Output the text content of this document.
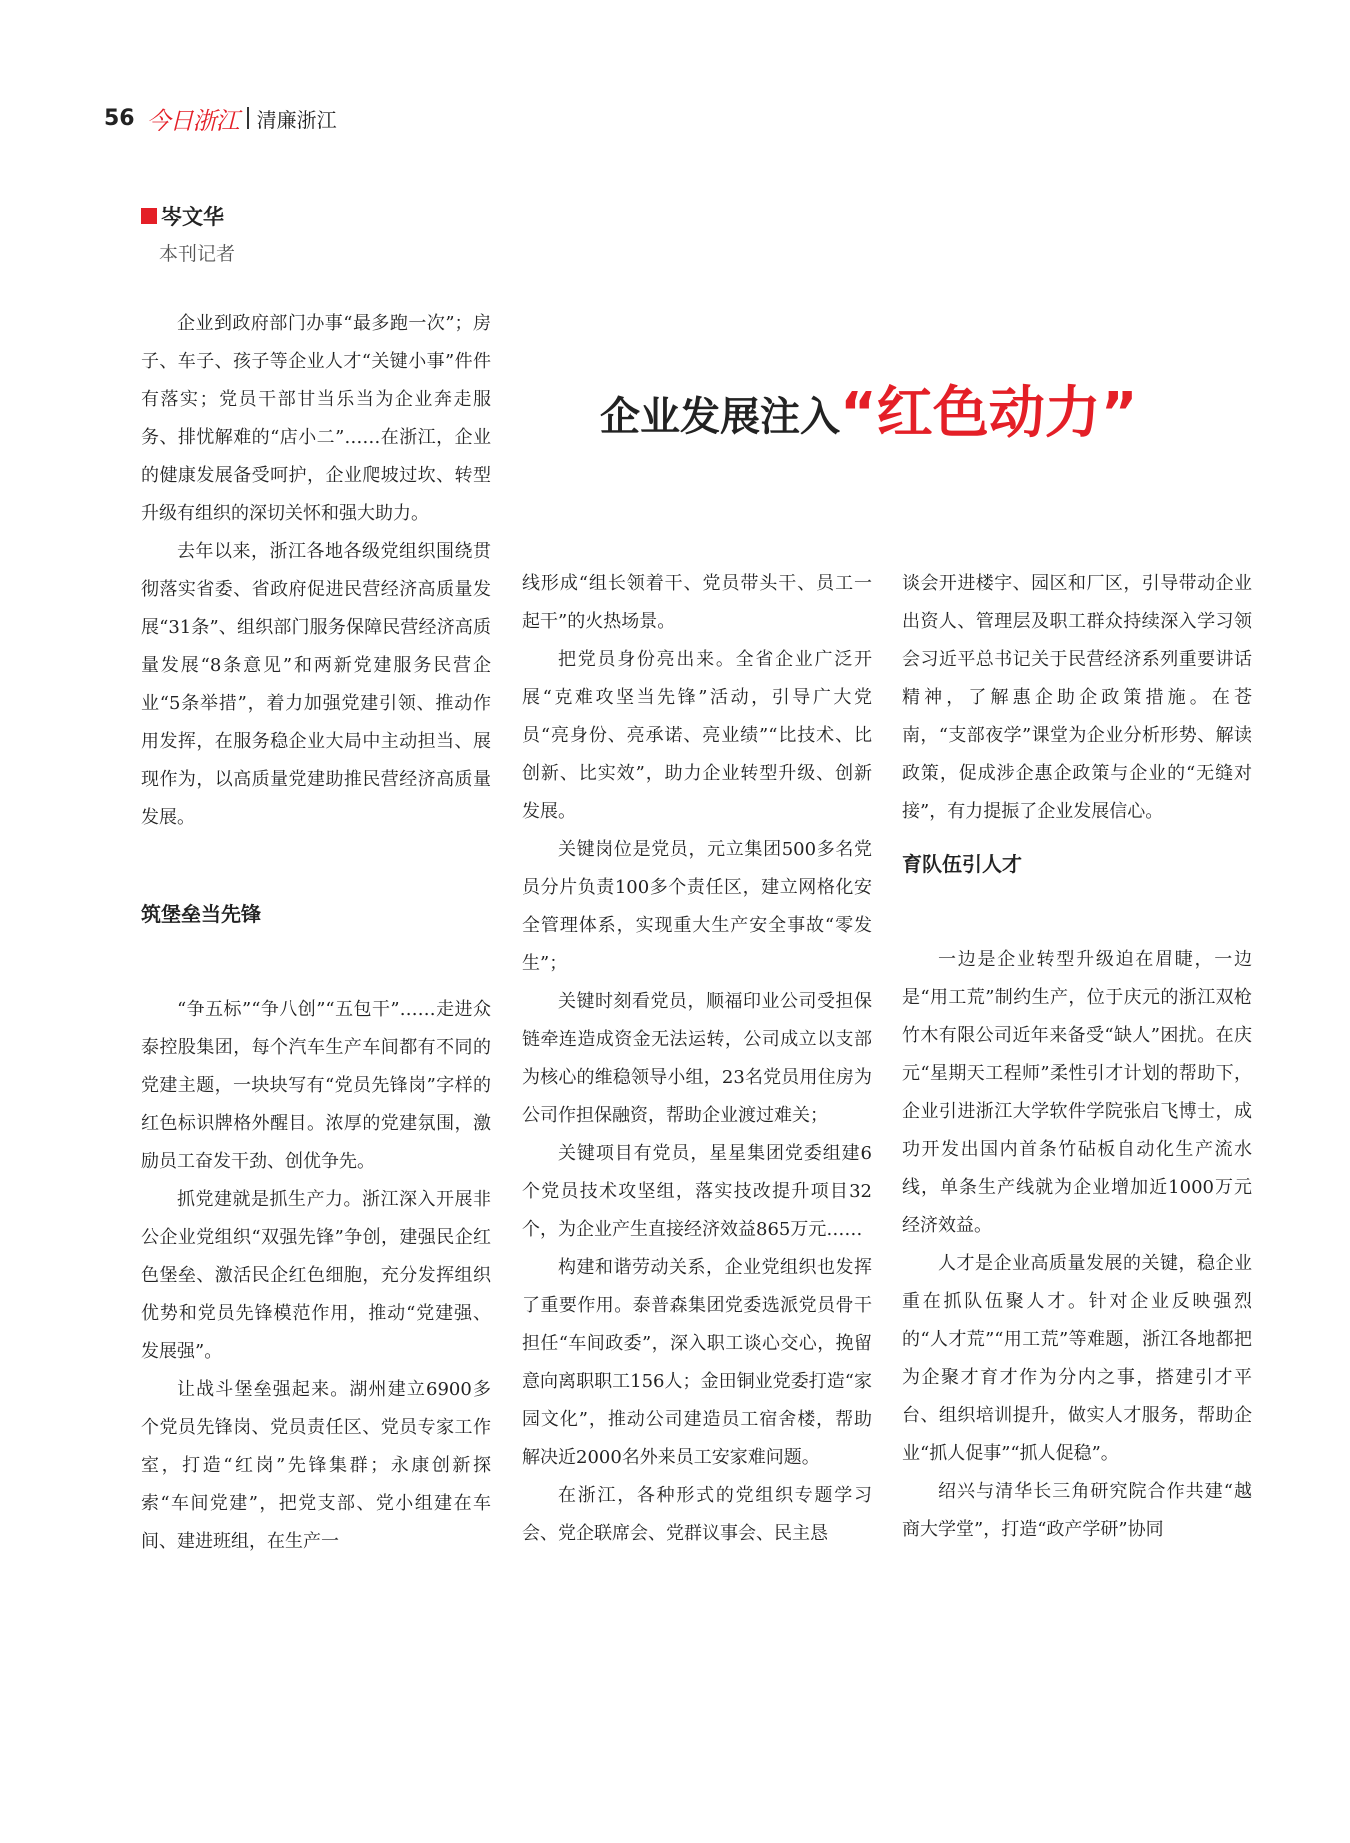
56 今日浙江 清廉浙江
岑文华
本刊记者
企业发展注入 “红色动力”

企业到政府部门办事“最多跑一次”；房子、车子、孩子等企业人才“关键小事”件件有落实；党员干部甘当乐当为企业奔走服务、排忧解难的“店小二”……在浙江，企业的健康发展备受呵护，企业爬坡过坎、转型升级有组织的深切关怀和强大助力。

去年以来，浙江各地各级党组织围绕贯彻落实省委、省政府促进民营经济高质量发展“31条”、组织部门服务保障民营经济高质量发展“8条意见”和两新党建服务民营企业“5条举措”，着力加强党建引领、推动作用发挥，在服务稳企业大局中主动担当、展现作为，以高质量党建助推民营经济高质量发展。

筑堡垒当先锋

“争五标”“争八创”“五包干”……走进众泰控股集团，每个汽车生产车间都有不同的党建主题，一块块写有“党员先锋岗”字样的红色标识牌格外醒目。浓厚的党建氛围，激励员工奋发干劲、创优争先。

抓党建就是抓生产力。浙江深入开展非公企业党组织“双强先锋”争创，建强民企红色堡垒、激活民企红色细胞，充分发挥组织优势和党员先锋模范作用，推动“党建强、发展强”。

让战斗堡垒强起来。湖州建立6900多个党员先锋岗、党员责任区、党员专家工作室，打造“红岗”先锋集群；永康创新探索“车间党建”，把党支部、党小组建在车间、建进班组，在生产一

线形成“组长领着干、党员带头干、员工一起干”的火热场景。

把党员身份亮出来。全省企业广泛开展“克难攻坚当先锋”活动，引导广大党员“亮身份、亮承诺、亮业绩”“比技术、比创新、比实效”，助力企业转型升级、创新发展。

关键岗位是党员，元立集团500多名党员分片负责100多个责任区，建立网格化安全管理体系，实现重大生产安全事故“零发生”；

关键时刻看党员，顺福印业公司受担保链牵连造成资金无法运转，公司成立以支部为核心的维稳领导小组，23名党员用住房为公司作担保融资，帮助企业渡过难关；

关键项目有党员，星星集团党委组建6个党员技术攻坚组，落实技改提升项目32个，为企业产生直接经济效益865万元……

构建和谐劳动关系，企业党组织也发挥了重要作用。泰普森集团党委选派党员骨干担任“车间政委”，深入职工谈心交心，挽留意向离职职工156人；金田铜业党委打造“家园文化”，推动公司建造员工宿舍楼，帮助解决近2000名外来员工安家难问题。

在浙江，各种形式的党组织专题学习会、党企联席会、党群议事会、民主恳

谈会开进楼宇、园区和厂区，引导带动企业出资人、管理层及职工群众持续深入学习领会习近平总书记关于民营经济系列重要讲话精神，了解惠企助企政策措施。在苍南，“支部夜学”课堂为企业分析形势、解读政策，促成涉企惠企政策与企业的“无缝对接”，有力提振了企业发展信心。

育队伍引人才

一边是企业转型升级迫在眉睫，一边是“用工荒”制约生产，位于庆元的浙江双枪竹木有限公司近年来备受“缺人”困扰。在庆元“星期天工程师”柔性引才计划的帮助下，企业引进浙江大学软件学院张启飞博士，成功开发出国内首条竹砧板自动化生产流水线，单条生产线就为企业增加近1000万元经济效益。

人才是企业高质量发展的关键，稳企业重在抓队伍聚人才。针对企业反映强烈的“人才荒”“用工荒”等难题，浙江各地都把为企聚才育才作为分内之事，搭建引才平台、组织培训提升，做实人才服务，帮助企业“抓人促事”“抓人促稳”。

绍兴与清华长三角研究院合作共建“越商大学堂”，打造“政产学研”协同
